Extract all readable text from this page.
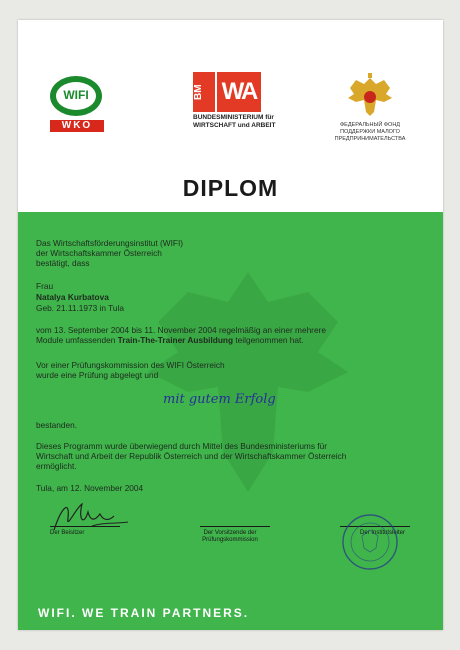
WIFI
WKO
BM WA
BUNDESMINISTERIUM für
WIRTSCHAFT und ARBEIT	ФЕДЕРАЛЬНЫЙ ФОНД
ПОДДЕРЖКИ МАЛОГО
ПРЕДПРИНИМАТЕЛЬСТВА
DIPLOM
Das Wirtschaftsförderungsinstitut (WIFI)
der Wirtschaftskammer Österreich
bestätigt, dass
Frau
Natalya Kurbatova
Geb. 21.11.1973 in Tula
vom 13. September 2004 bis 11. November 2004 regelmäßig an einer mehrere
Module umfassenden Train-The-Trainer Ausbildung teilgenommen hat.
Vor einer Prüfungskommission des WIFI Österreich
wurde eine Prüfung abgelegt und
mit gutem Erfolg
bestanden.
Dieses Programm wurde überwiegend durch Mittel des Bundesministeriums für
Wirtschaft und Arbeit der Republik Österreich und der Wirtschaftskammer Österreich
ermöglicht.
Tula, am 12. November 2004
Der Beisitzer	Der Vorsitzende der
Prüfungskommission
Der Institutsleiter
WIFI. WE TRAIN PARTNERS.
